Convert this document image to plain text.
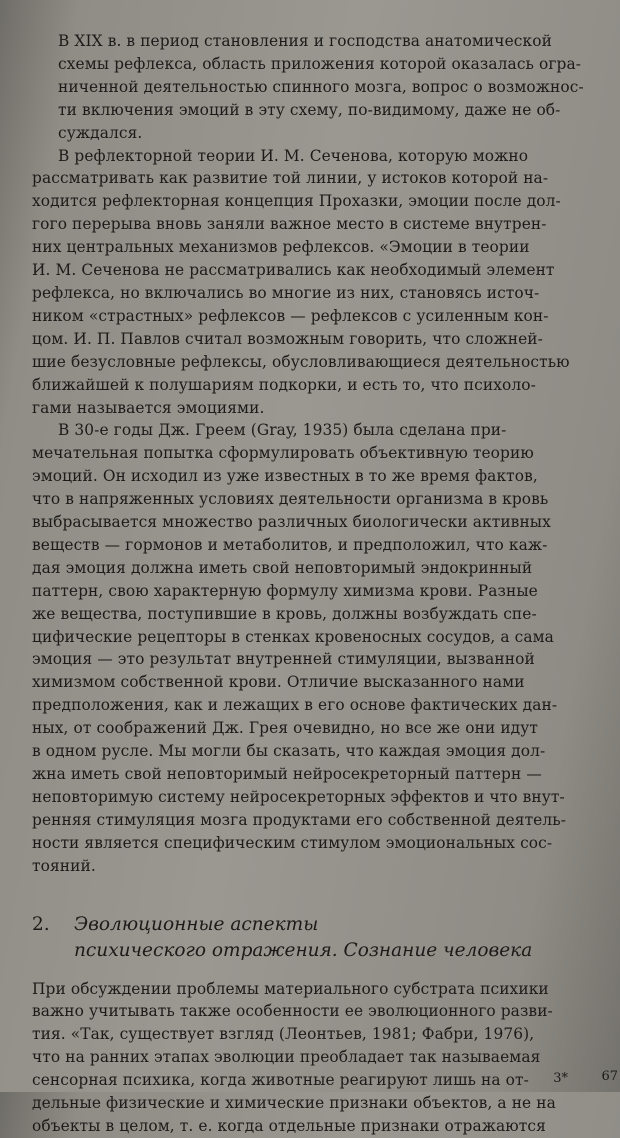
В XIX в. в период становления и господства анатомической
схемы рефлекса, область приложения которой оказалась огра-
ниченной деятельностью спинного мозга, вопрос о возможнос-
ти включения эмоций в эту схему, по-видимому, даже не об-
суждался.

В рефлекторной теории И. М. Сеченова, которую можно
рассматривать как развитие той линии, у истоков которой на-
ходится рефлекторная концепция Прохазки, эмоции после дол-
гого перерыва вновь заняли важное место в системе внутрен-
них центральных механизмов рефлексов. «Эмоции в теории
И. М. Сеченова не рассматривались как необходимый элемент
рефлекса, но включались во многие из них, становясь источ-
ником «страстных» рефлексов — рефлексов с усиленным кон-
цом. И. П. Павлов считал возможным говорить, что сложней-
шие безусловные рефлексы, обусловливающиеся деятельностью
ближайшей к полушариям подкорки, и есть то, что психоло-
гами называется эмоциями.

В 30-е годы Дж. Греем (Gray, 1935) была сделана при-
мечательная попытка сформулировать объективную теорию
эмоций. Он исходил из уже известных в то же время фактов,
что в напряженных условиях деятельности организма в кровь
выбрасывается множество различных биологически активных
веществ — гормонов и метаболитов, и предположил, что каж-
дая эмоция должна иметь свой неповторимый эндокринный
паттерн, свою характерную формулу химизма крови. Разные
же вещества, поступившие в кровь, должны возбуждать спе-
цифические рецепторы в стенках кровеносных сосудов, а сама
эмоция — это результат внутренней стимуляции, вызванной
химизмом собственной крови. Отличие высказанного нами
предположения, как и лежащих в его основе фактических дан-
ных, от соображений Дж. Грея очевидно, но все же они идут
в одном русле. Мы могли бы сказать, что каждая эмоция дол-
жна иметь свой неповторимый нейросекреторный паттерн —
неповторимую систему нейросекреторных эффектов и что внут-
ренняя стимуляция мозга продуктами его собственной деятель-
ности является специфическим стимулом эмоциональных сос-
тояний.

2.	Эволюционные аспекты
психического отражения. Сознание человека

При обсуждении проблемы материального субстрата психики
важно учитывать также особенности ее эволюционного разви-
тия. «Так, существует взгляд (Леонтьев, 1981; Фабри, 1976),
что на ранних этапах эволюции преобладает так называемая
сенсорная психика, когда животные реагируют лишь на от-
дельные физические и химические признаки объектов, а не на
объекты в целом, т. е. когда отдельные признаки отражаются

3*	67
